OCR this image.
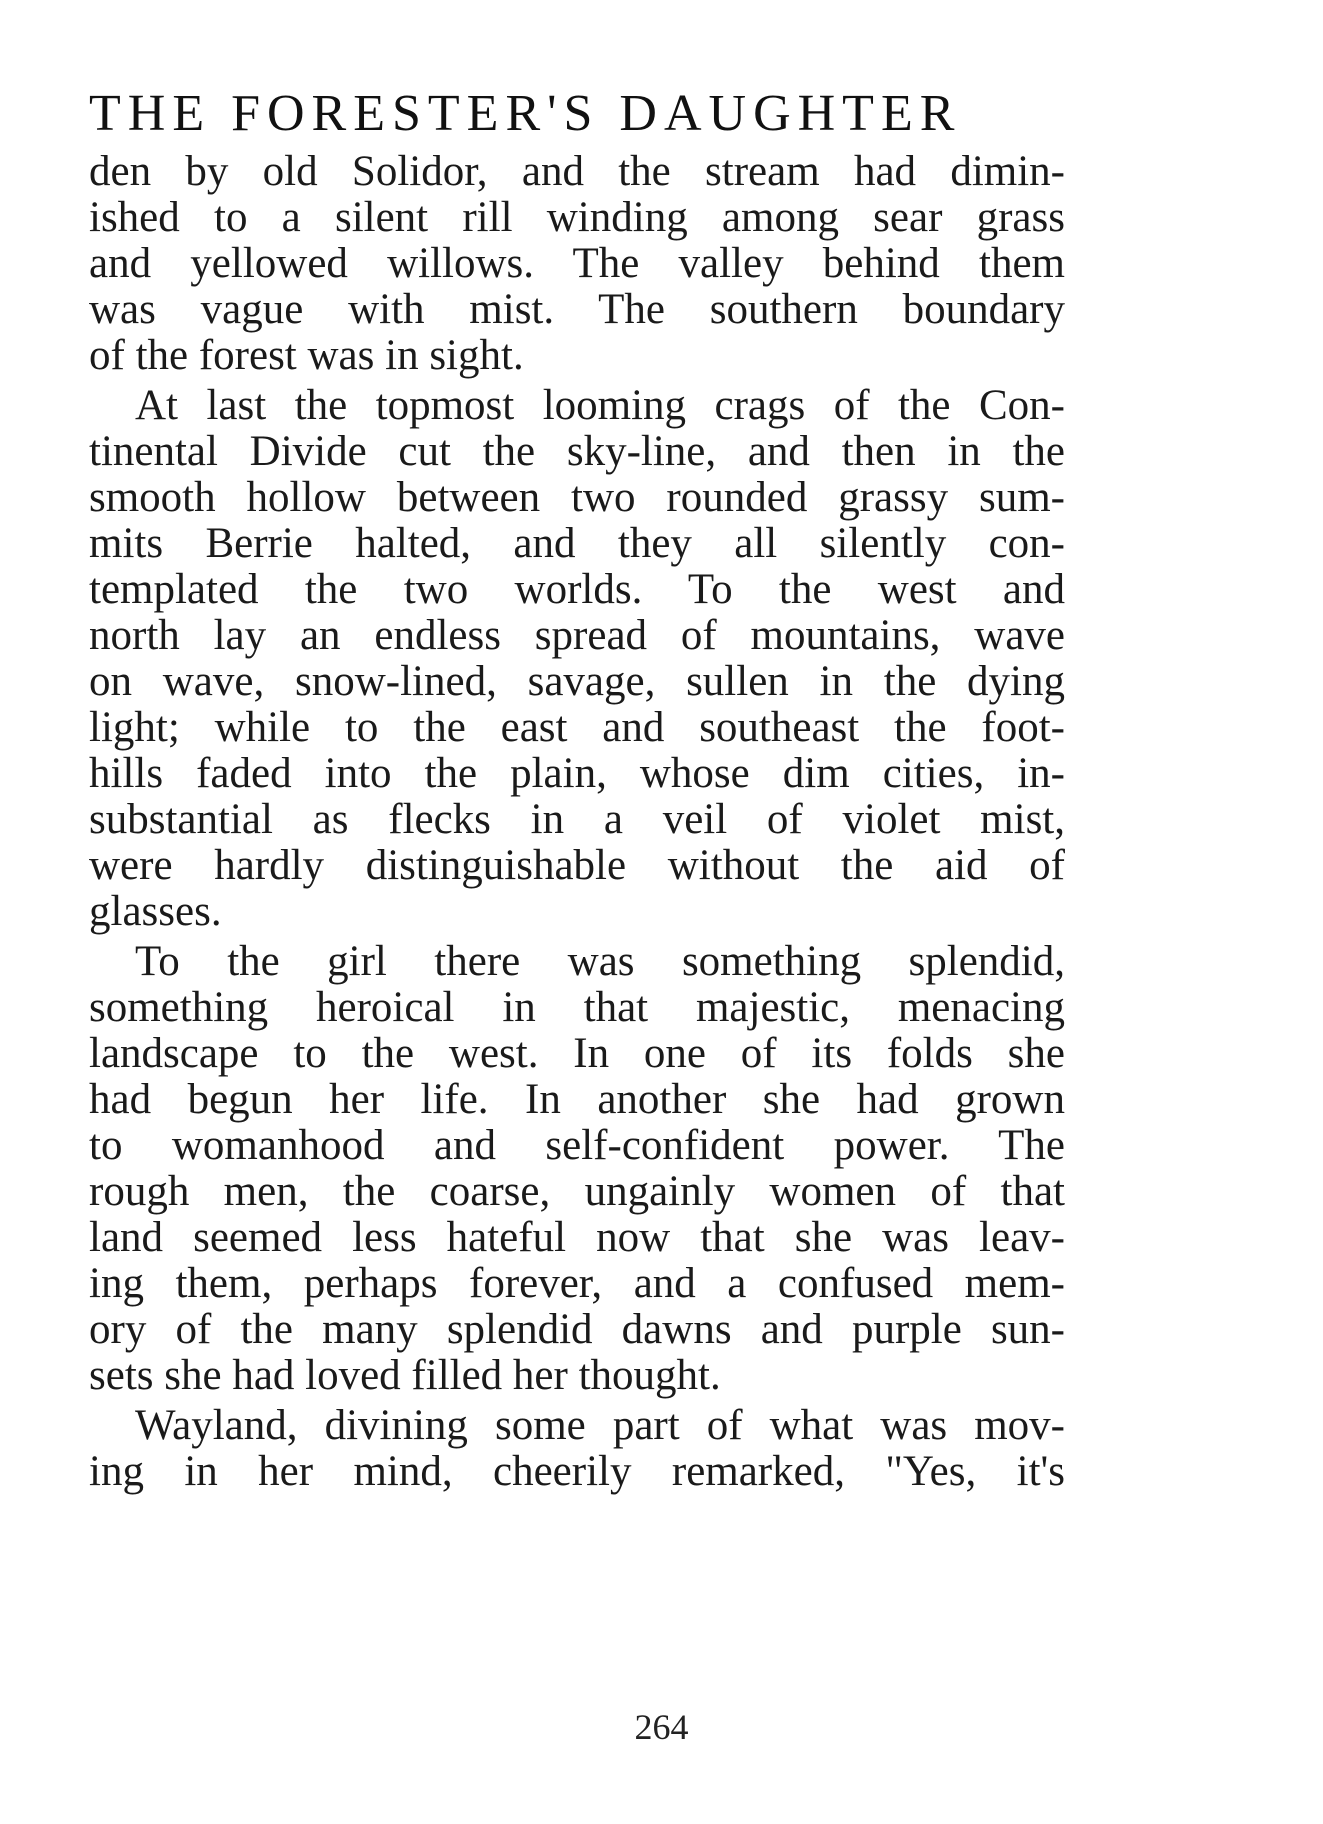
THE FORESTER'S DAUGHTER
den by old Solidor, and the stream had dimin-
ished to a silent rill winding among sear grass
and yellowed willows. The valley behind them
was vague with mist. The southern boundary
of the forest was in sight.
At last the topmost looming crags of the Con-
tinental Divide cut the sky-line, and then in the
smooth hollow between two rounded grassy sum-
mits Berrie halted, and they all silently con-
templated the two worlds. To the west and
north lay an endless spread of mountains, wave
on wave, snow-lined, savage, sullen in the dying
light; while to the east and southeast the foot-
hills faded into the plain, whose dim cities, in-
substantial as flecks in a veil of violet mist,
were hardly distinguishable without the aid of
glasses.
To the girl there was something splendid,
something heroical in that majestic, menacing
landscape to the west. In one of its folds she
had begun her life. In another she had grown
to womanhood and self-confident power. The
rough men, the coarse, ungainly women of that
land seemed less hateful now that she was leav-
ing them, perhaps forever, and a confused mem-
ory of the many splendid dawns and purple sun-
sets she had loved filled her thought.
Wayland, divining some part of what was mov-
ing in her mind, cheerily remarked, "Yes, it's
264
